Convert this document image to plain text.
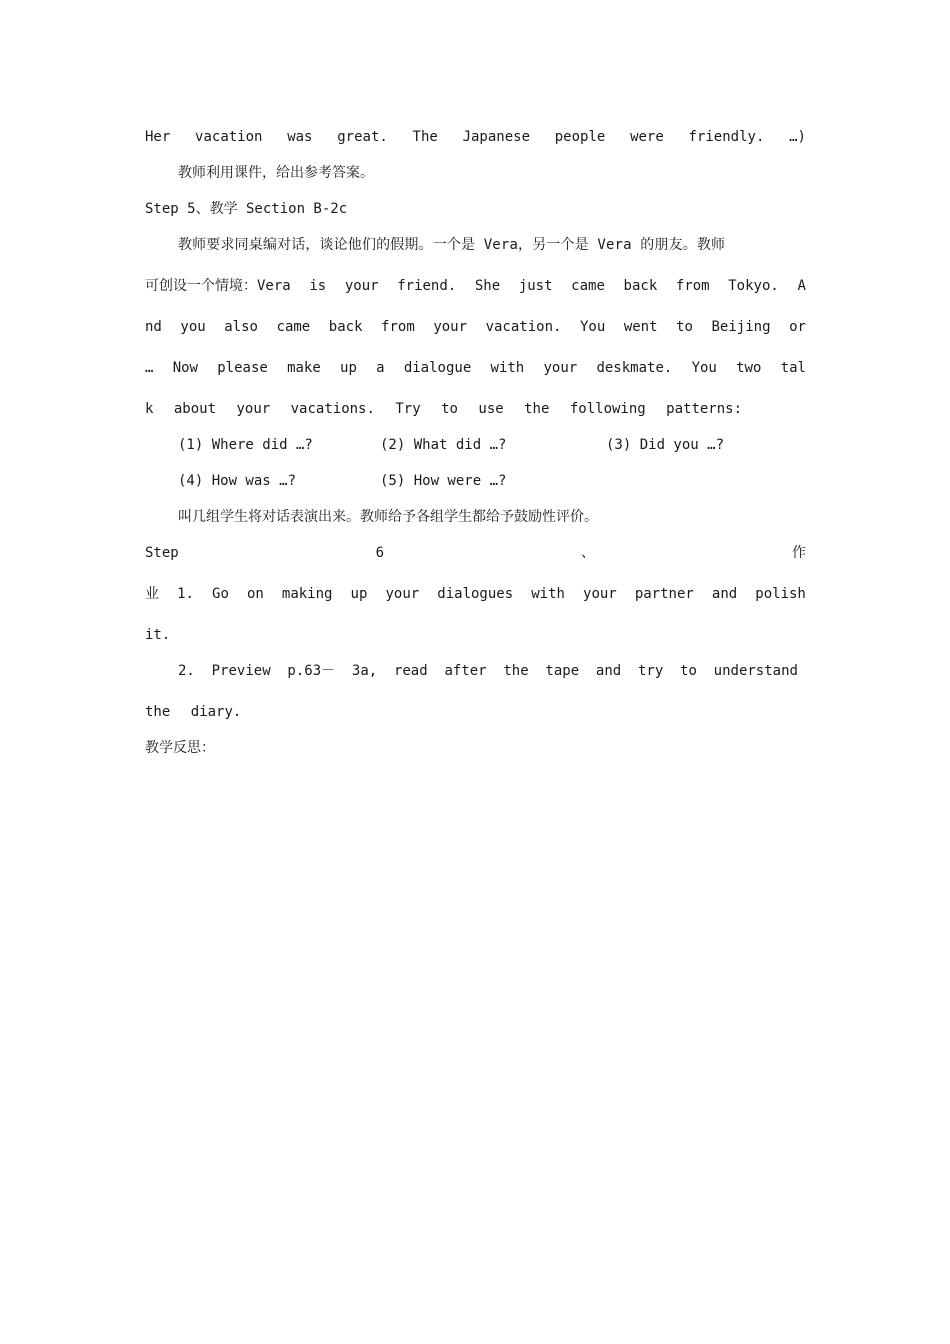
Her vacation was great. The Japanese people were friendly. …)
教师利用课件，给出参考答案。
Step 5、教学 Section B-2c
教师要求同桌编对话，谈论他们的假期。一个是 Vera，另一个是 Vera 的朋友。教师
可创设一个情境：Vera is your friend. She just came back from Tokyo. A
nd you also came back from your vacation. You went to Beijing or
… Now please make up a dialogue with your deskmate. You two tal
k about your vacations. Try to use the following patterns:
(1) Where did …?	(2) What did …?	(3) Did you …?
(4) How was …?	(5) How were …?
叫几组学生将对话表演出来。教师给予各组学生都给予鼓励性评价。
Step	6	、	作
业 1. Go on making up your dialogues with your partner and polish
it.
2. Preview p.63－ 3a, read after the tape and try to understand
the diary.
教学反思：
